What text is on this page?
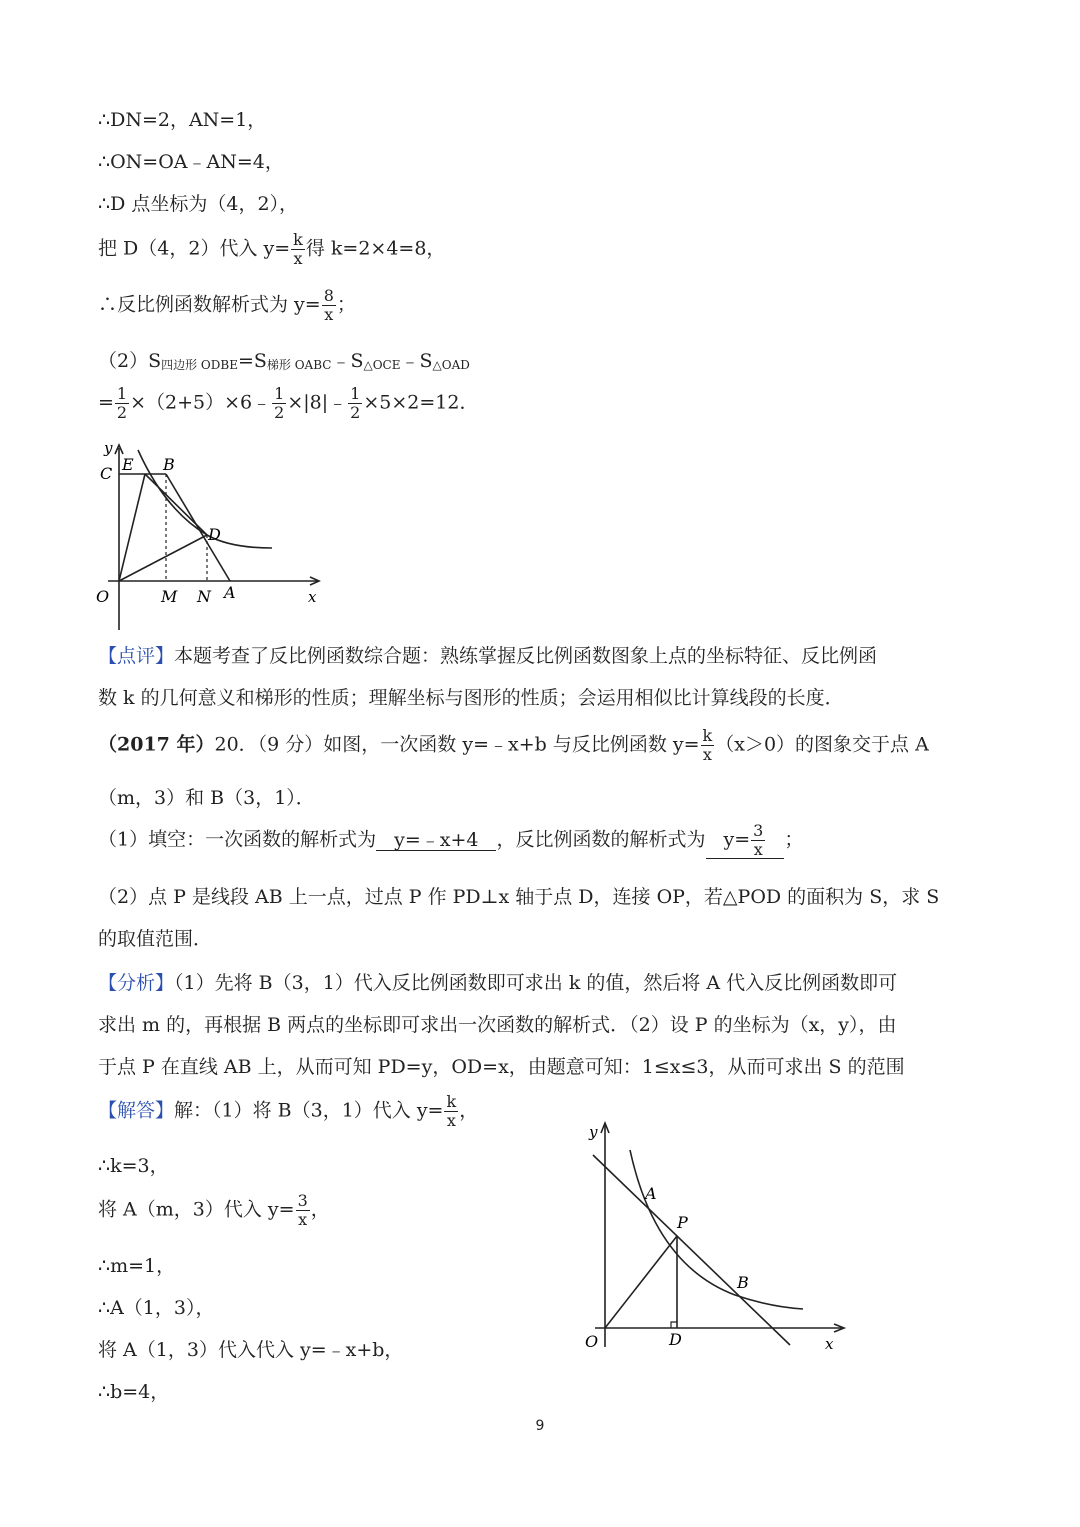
∴DN=2，AN=1，
∴ON=OA﹣AN=4，
∴D 点坐标为（4，2），
把 D（4，2）代入 $y= \frac{k}{x}$ 得 k=2×4=8，
∴反比例函数解析式为 $y= \frac{8}{x}$ ；
（2）S四边形 ODBE=S梯形 OABC﹣S△OCE﹣S△OAD
= $\frac{1}{2}$ ×（2+5）×6﹣ $\frac{1}{2}$ ×|8|﹣ $\frac{1}{2} \times 5\times 2=12$．
y
C E B
D
O	M N A	x
【点评】本题考查了反比例函数综合题：熟练掌握反比例函数图象上点的坐标特征、反比例函
数 k 的几何意义和梯形的性质；理解坐标与图形的性质；会运用相似比计算线段的长度．
（2017 年）20．（9 分）如图，一次函数 y=﹣x+b 与反比例函数 $y= \frac{k}{x} (x>0)$的图象交于点 A
（m，3）和 B（3，1）．
（1）填空：一次函数的解析式为 y=﹣x+4 ，反比例函数的解析式为 $y= \frac{3}{x}$ ；
（2）点 P 是线段 AB 上一点，过点 P 作 PD⊥x 轴于点 D，连接 OP，若△POD 的面积为 S，求 S
的取值范围．
【分析】（1）先将 B（3，1）代入反比例函数即可求出 k 的值，然后将 A 代入反比例函数即可
求出 m 的，再根据 B 两点的坐标即可求出一次函数的解析式．（2）设 P 的坐标为（x，y），由
于点 P 在直线 AB 上，从而可知 PD=y，OD=x，由题意可知：1≤x≤3，从而可求出 S 的范围
【解答】解：（1）将 B（3，1）代入 $y= \frac{k}{x}$ ，
∴k=3，
将 A（m，3）代入 $y= \frac{3}{x}$ ，
∴m=1，
∴A（1，3），
将 A（1，3）代入代入 y=﹣x+b，
∴b=4，
y
A
P
B
O	D	x
9
